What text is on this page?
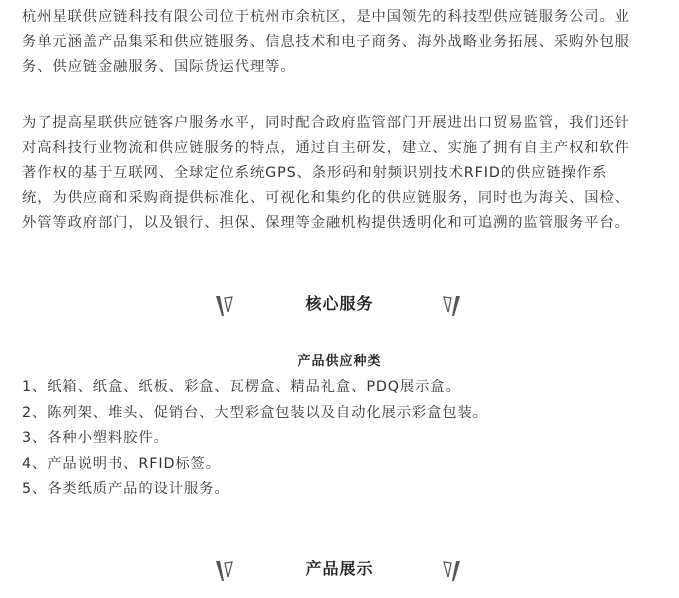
杭州星联供应链科技有限公司位于杭州市余杭区，是中国领先的科技型供应链服务公司。业
务单元涵盖产品集采和供应链服务、信息技术和电子商务、海外战略业务拓展、采购外包服
务、供应链金融服务、国际货运代理等。

为了提高星联供应链客户服务水平，同时配合政府监管部门开展进出口贸易监管，我们还针
对高科技行业物流和供应链服务的特点，通过自主研发，建立、实施了拥有自主产权和软件
著作权的基于互联网、全球定位系统GPS、条形码和射频识别技术RFID的供应链操作系
统，为供应商和采购商提供标准化、可视化和集约化的供应链服务，同时也为海关、国检、
外管等政府部门，以及银行、担保、保理等金融机构提供透明化和可追溯的监管服务平台。

核心服务
产品供应种类
1、纸箱、纸盒、纸板、彩盒、瓦楞盒、精品礼盒、PDQ展示盒。
2、陈列架、堆头、促销台、大型彩盒包装以及自动化展示彩盒包装。
3、各种小塑料胶件。
4、产品说明书、RFID标签。
5、各类纸质产品的设计服务。
产品展示
